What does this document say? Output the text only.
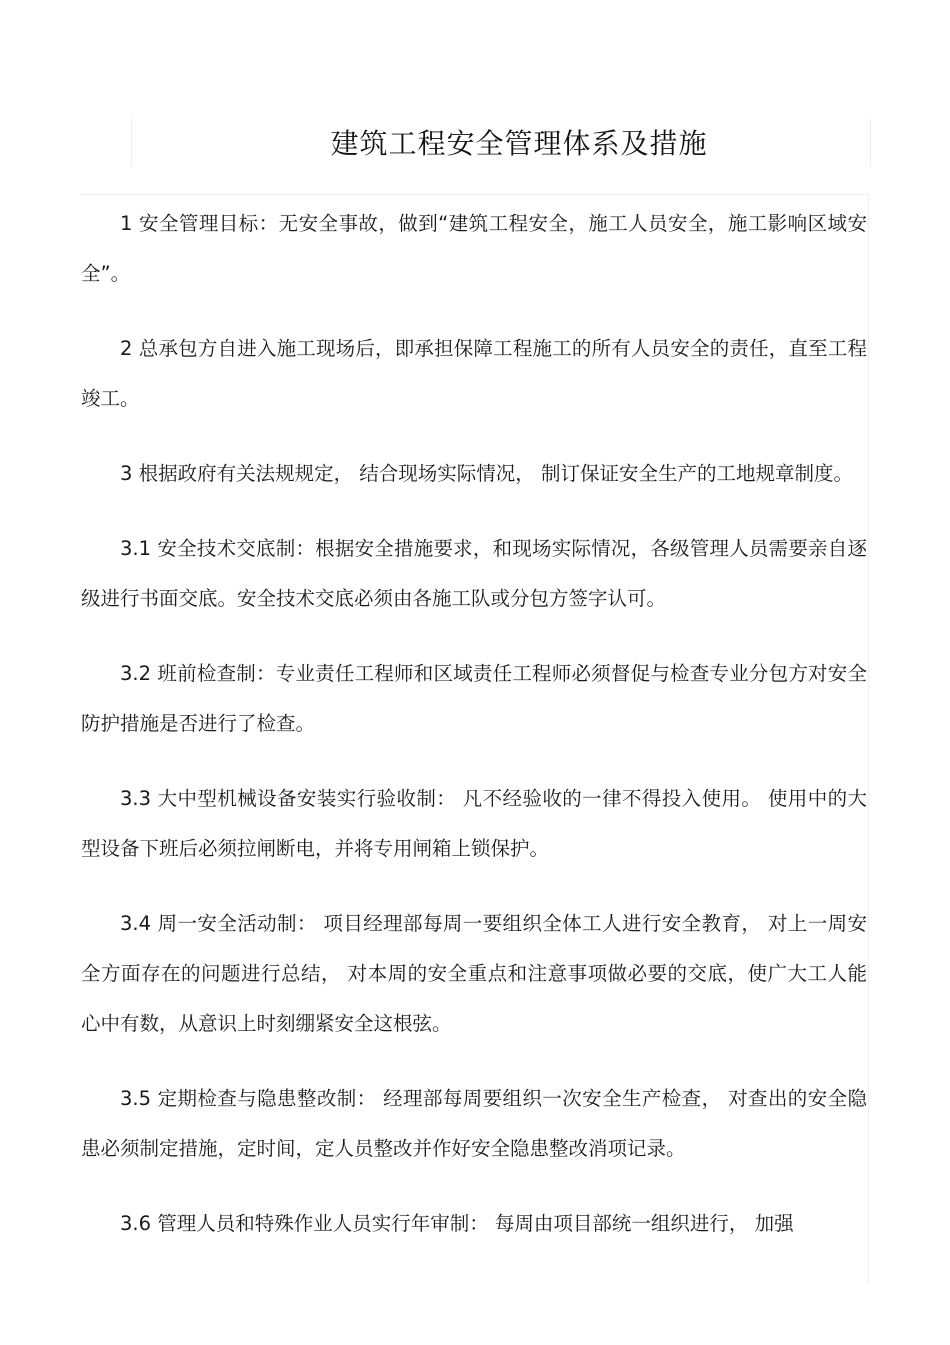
建筑工程安全管理体系及措施

1 安全管理目标：无安全事故，做到“建筑工程安全，施工人员安全，施工影响区域安全”。

2 总承包方自进入施工现场后，即承担保障工程施工的所有人员安全的责任，直至工程竣工。

3 根据政府有关法规规定， 结合现场实际情况， 制订保证安全生产的工地规章制度。

3.1 安全技术交底制：根据安全措施要求，和现场实际情况，各级管理人员需要亲自逐级进行书面交底。安全技术交底必须由各施工队或分包方签字认可。

3.2 班前检查制：专业责任工程师和区域责任工程师必须督促与检查专业分包方对安全防护措施是否进行了检查。

3.3 大中型机械设备安装实行验收制： 凡不经验收的一律不得投入使用。 使用中的大型设备下班后必须拉闸断电，并将专用闸箱上锁保护。

3.4 周一安全活动制： 项目经理部每周一要组织全体工人进行安全教育， 对上一周安全方面存在的问题进行总结， 对本周的安全重点和注意事项做必要的交底，使广大工人能心中有数，从意识上时刻绷紧安全这根弦。

3.5 定期检查与隐患整改制： 经理部每周要组织一次安全生产检查， 对查出的安全隐患必须制定措施，定时间，定人员整改并作好安全隐患整改消项记录。

3.6 管理人员和特殊作业人员实行年审制： 每周由项目部统一组织进行， 加强
